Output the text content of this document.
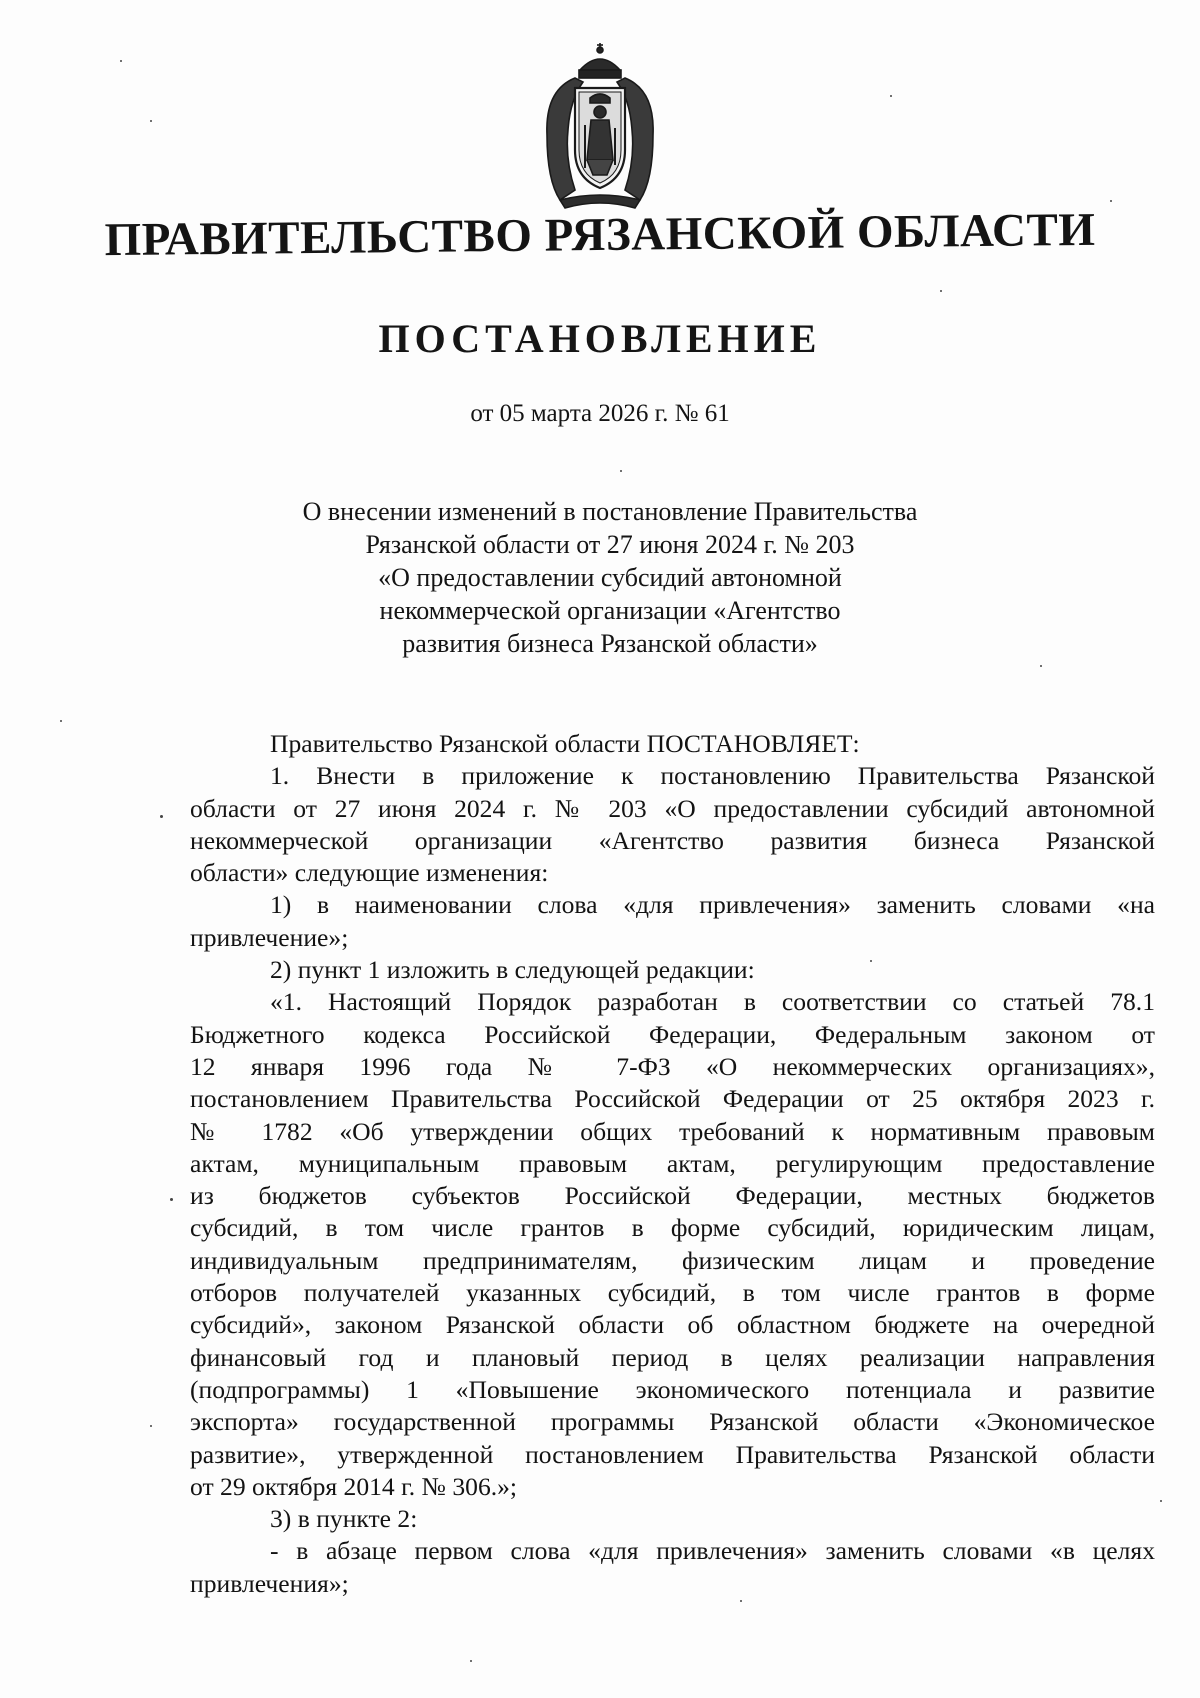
ПРАВИТЕЛЬСТВО РЯЗАНСКОЙ ОБЛАСТИ
ПОСТАНОВЛЕНИЕ
от 05 марта 2026 г. № 61
О внесении изменений в постановление Правительства
Рязанской области от 27 июня 2024 г. № 203
«О предоставлении субсидий автономной
некоммерческой организации «Агентство
развития бизнеса Рязанской области»
Правительство Рязанской области ПОСТАНОВЛЯЕТ:
1. Внести в приложение к постановлению Правительства Рязанской
области от 27 июня 2024 г. № 203 «О предоставлении субсидий автономной
некоммерческой организации «Агентство развития бизнеса Рязанской
области» следующие изменения:
1) в наименовании слова «для привлечения» заменить словами «на
привлечение»;
2) пункт 1 изложить в следующей редакции:
«1. Настоящий Порядок разработан в соответствии со статьей 78.1
Бюджетного кодекса Российской Федерации, Федеральным законом от
12 января 1996 года № 7-ФЗ «О некоммерческих организациях»,
постановлением Правительства Российской Федерации от 25 октября 2023 г.
№ 1782 «Об утверждении общих требований к нормативным правовым
актам, муниципальным правовым актам, регулирующим предоставление
из бюджетов субъектов Российской Федерации, местных бюджетов
субсидий, в том числе грантов в форме субсидий, юридическим лицам,
индивидуальным предпринимателям, физическим лицам и проведение
отборов получателей указанных субсидий, в том числе грантов в форме
субсидий», законом Рязанской области об областном бюджете на очередной
финансовый год и плановый период в целях реализации направления
(подпрограммы) 1 «Повышение экономического потенциала и развитие
экспорта» государственной программы Рязанской области «Экономическое
развитие», утвержденной постановлением Правительства Рязанской области
от 29 октября 2014 г. № 306.»;
3) в пункте 2:
- в абзаце первом слова «для привлечения» заменить словами «в целях
привлечения»;
